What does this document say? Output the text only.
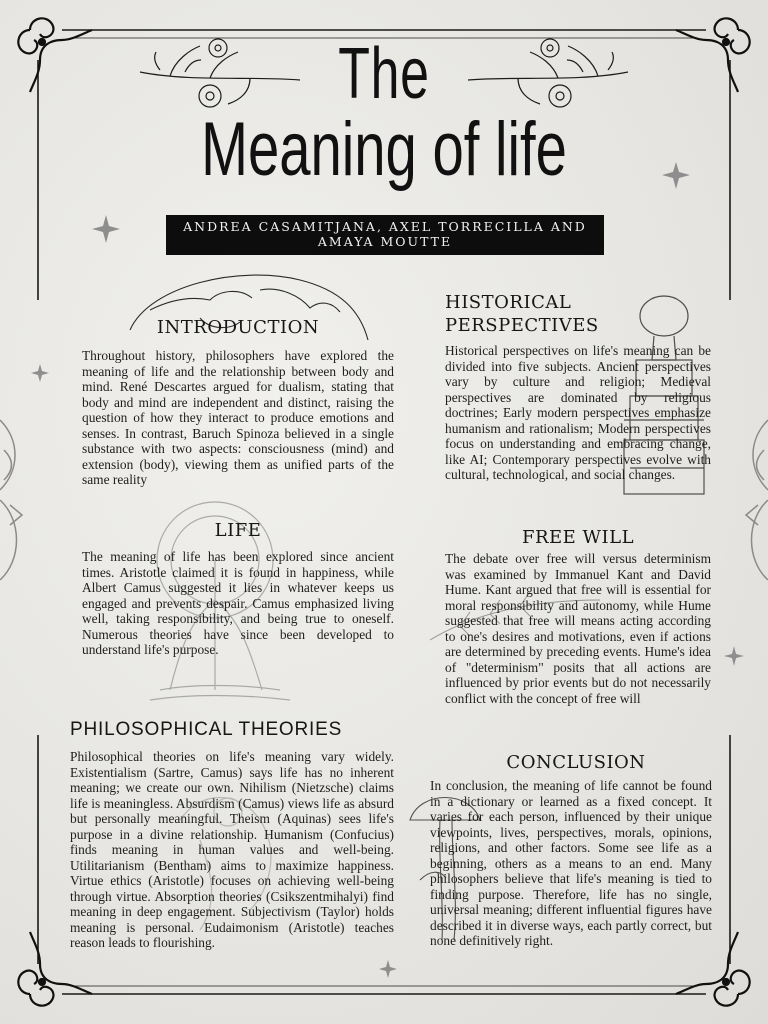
The
Meaning of life
ANDREA CASAMITJANA, AXEL TORRECILLA AND
AMAYA MOUTTE
INTRODUCTION

Throughout history, philosophers have explored the meaning of life and the relationship between body and mind. René Descartes argued for dualism, stating that body and mind are independent and distinct, raising the question of how they interact to produce emotions and senses. In contrast, Baruch Spinoza believed in a single substance with two aspects: consciousness (mind) and extension (body), viewing them as unified parts of the same reality

HISTORICAL
PERSPECTIVES

Historical perspectives on life's meaning can be divided into five subjects. Ancient perspectives vary by culture and religion; Medieval perspectives are dominated by religious doctrines; Early modern perspectives emphasize humanism and rationalism; Modern perspectives focus on understanding and embracing change, like AI; Contemporary perspectives evolve with cultural, technological, and social changes.

LIFE

The meaning of life has been explored since ancient times. Aristotle claimed it is found in happiness, while Albert Camus suggested it lies in whatever keeps us engaged and prevents despair. Camus emphasized living well, taking responsibility, and being true to oneself. Numerous theories have since been developed to understand life's purpose.

FREE WILL

The debate over free will versus determinism was examined by Immanuel Kant and David Hume. Kant argued that free will is essential for moral responsibility and autonomy, while Hume suggested that free will means acting according to one's desires and motivations, even if actions are determined by preceding events. Hume's idea of "determinism" posits that all actions are influenced by prior events but do not necessarily conflict with the concept of free will

PHILOSOPHICAL THEORIES

Philosophical theories on life's meaning vary widely. Existentialism (Sartre, Camus) says life has no inherent meaning; we create our own. Nihilism (Nietzsche) claims life is meaningless. Absurdism (Camus) views life as absurd but personally meaningful. Theism (Aquinas) sees life's purpose in a divine relationship. Humanism (Confucius) finds meaning in human values and well-being. Utilitarianism (Bentham) aims to maximize happiness. Virtue ethics (Aristotle) focuses on achieving well-being through virtue. Absorption theories (Csikszentmihalyi) find meaning in deep engagement. Subjectivism (Taylor) holds meaning is personal. Eudaimonism (Aristotle) teaches reason leads to flourishing.

CONCLUSION

In conclusion, the meaning of life cannot be found in a dictionary or learned as a fixed concept. It varies for each person, influenced by their unique viewpoints, lives, perspectives, morals, opinions, religions, and other factors. Some see life as a beginning, others as a means to an end. Many philosophers believe that life's meaning is tied to finding purpose. Therefore, life has no single, universal meaning; different influential figures have described it in diverse ways, each partly correct, but none definitively right.
